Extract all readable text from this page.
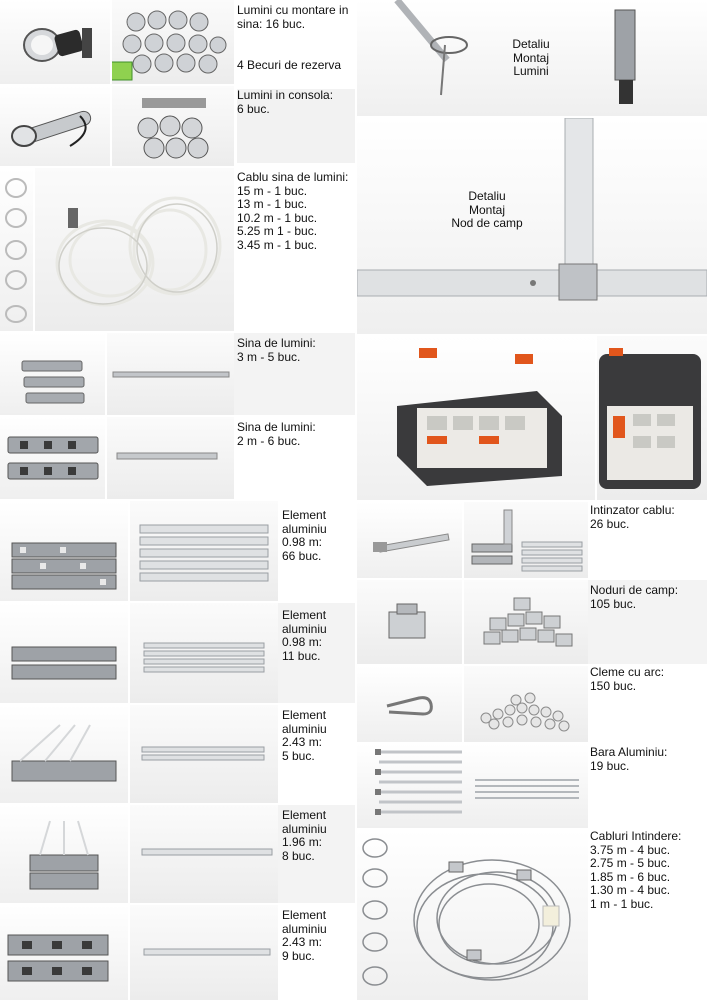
Lumini cu montare in sina: 16 buc.
4 Becuri de rezerva
Lumini in consola:
6 buc.
Cablu sina de lumini:
15 m - 1 buc.
13 m - 1 buc.
10.2 m - 1 buc.
5.25 m 1 - buc.
3.45 m - 1 buc.
Sina de lumini:
3 m - 5 buc.
Sina de lumini:
2 m - 6 buc.
Element
aluminiu
0.98 m:
66 buc.
Element
aluminiu
0.98 m:
11 buc.
Element
aluminiu
2.43 m:
5 buc.
Element
aluminiu
1.96 m:
8 buc.
Element
aluminiu
2.43 m:
9 buc.
Detaliu
Montaj
Lumini
Detaliu
Montaj
Nod de camp
Intinzator cablu:
26 buc.
Noduri de camp:
105 buc.
Cleme cu arc:
150 buc.
Bara Aluminiu:
19 buc.
Cabluri Intindere:
3.75 m - 4 buc.
2.75 m - 5 buc.
1.85 m - 6 buc.
1.30 m - 4 buc.
1 m - 1 buc.
